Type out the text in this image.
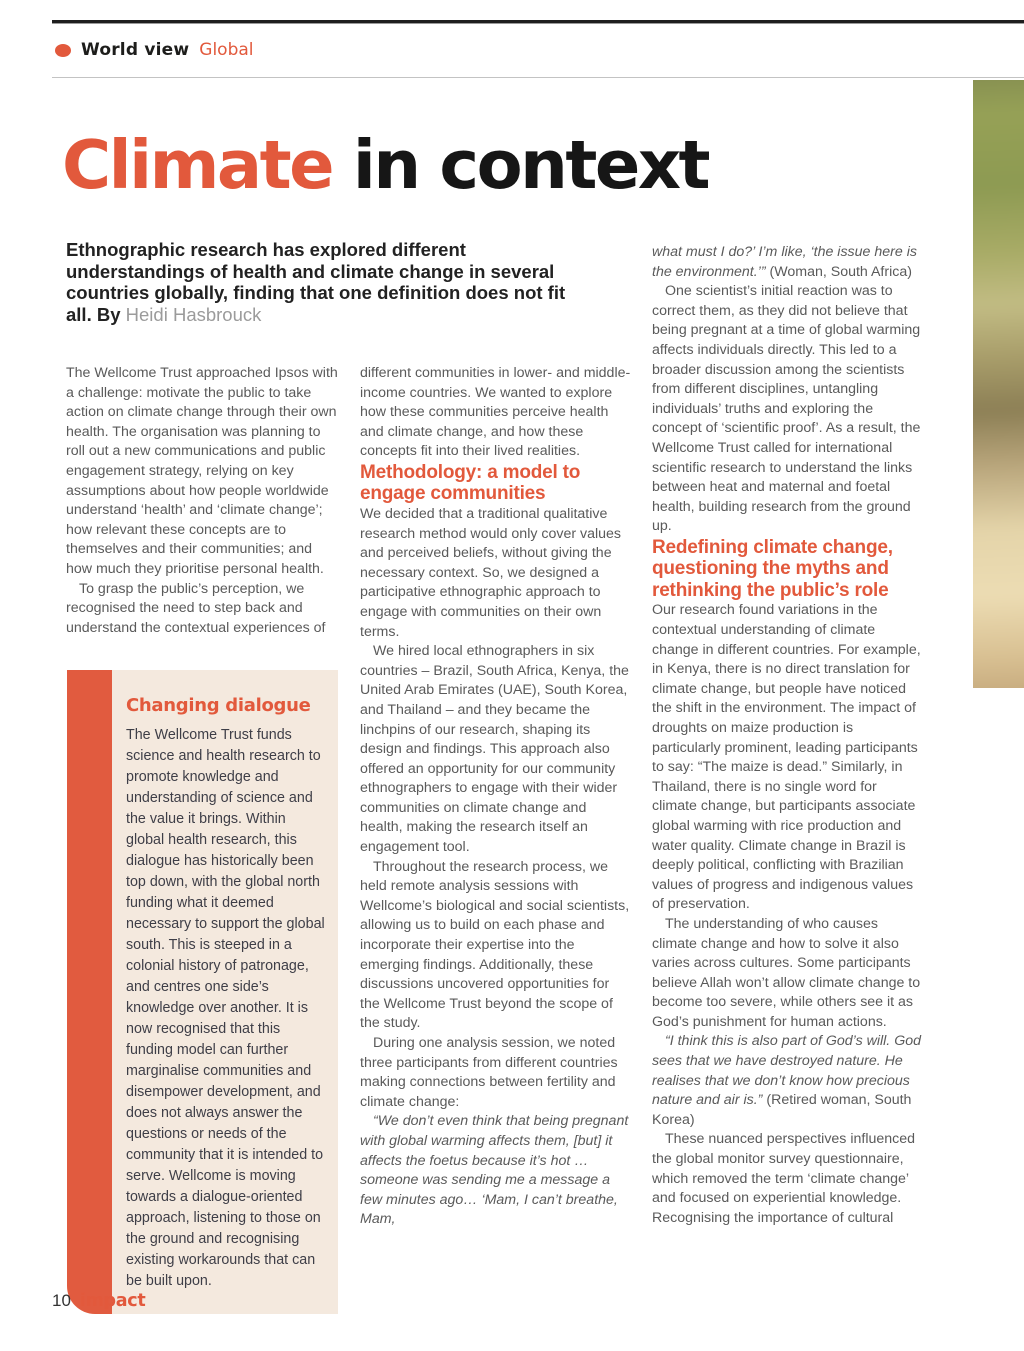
World view Global
Climate in context
Ethnographic research has explored different understandings of health and climate change in several countries globally, finding that one definition does not fit all. By Heidi Hasbrouck

The Wellcome Trust approached Ipsos with a challenge: motivate the public to take action on climate change through their own health. The organisation was planning to roll out a new communications and public engagement strategy, relying on key assumptions about how people worldwide understand ‘health’ and ‘climate change’; how relevant these concepts are to themselves and their communities; and how much they prioritise personal health.

To grasp the public’s perception, we recognised the need to step back and understand the contextual experiences of

Changing dialogue

The Wellcome Trust funds science and health research to promote knowledge and understanding of science and the value it brings. Within global health research, this dialogue has historically been top down, with the global north funding what it deemed necessary to support the global south. This is steeped in a colonial history of patronage, and centres one side’s knowledge over another. It is now recognised that this funding model can further marginalise communities and disempower development, and does not always answer the questions or needs of the community that it is intended to serve. Wellcome is moving towards a dialogue-oriented approach, listening to those on the ground and recognising existing workarounds that can be built upon.

different communities in lower- and middle-income countries. We wanted to explore how these communities perceive health and climate change, and how these concepts fit into their lived realities.

Methodology: a model to engage communities

We decided that a traditional qualitative research method would only cover values and perceived beliefs, without giving the necessary context. So, we designed a participative ethnographic approach to engage with communities on their own terms.

We hired local ethnographers in six countries – Brazil, South Africa, Kenya, the United Arab Emirates (UAE), South Korea, and Thailand – and they became the linchpins of our research, shaping its design and findings. This approach also offered an opportunity for our community ethnographers to engage with their wider communities on climate change and health, making the research itself an engagement tool.

Throughout the research process, we held remote analysis sessions with Wellcome’s biological and social scientists, allowing us to build on each phase and incorporate their expertise into the emerging findings. Additionally, these discussions uncovered opportunities for the Wellcome Trust beyond the scope of the study.

During one analysis session, we noted three participants from different countries making connections between fertility and climate change:

“We don’t even think that being pregnant with global warming affects them, [but] it affects the foetus because it’s hot … someone was sending me a message a few minutes ago… ‘Mam, I can’t breathe, Mam,

what must I do?’ I’m like, ‘the issue here is the environment.’” (Woman, South Africa)

One scientist’s initial reaction was to correct them, as they did not believe that being pregnant at a time of global warming affects individuals directly. This led to a broader discussion among the scientists from different disciplines, untangling individuals’ truths and exploring the concept of ‘scientific proof’. As a result, the Wellcome Trust called for international scientific research to understand the links between heat and maternal and foetal health, building research from the ground up.

Redefining climate change, questioning the myths and rethinking the public’s role

Our research found variations in the contextual understanding of climate change in different countries. For example, in Kenya, there is no direct translation for climate change, but people have noticed the shift in the environment. The impact of droughts on maize production is particularly prominent, leading participants to say: “The maize is dead.” Similarly, in Thailand, there is no single word for climate change, but participants associate global warming with rice production and water quality. Climate change in Brazil is deeply political, conflicting with Brazilian values of progress and indigenous values of preservation.

The understanding of who causes climate change and how to solve it also varies across cultures. Some participants believe Allah won’t allow climate change to become too severe, while others see it as God’s punishment for human actions.

“I think this is also part of God’s will. God sees that we have destroyed nature. He realises that we don’t know how precious nature and air is.” (Retired woman, South Korea)

These nuanced perspectives influenced the global monitor survey questionnaire, which removed the term ‘climate change’ and focused on experiential knowledge. Recognising the importance of cultural

10 impact
